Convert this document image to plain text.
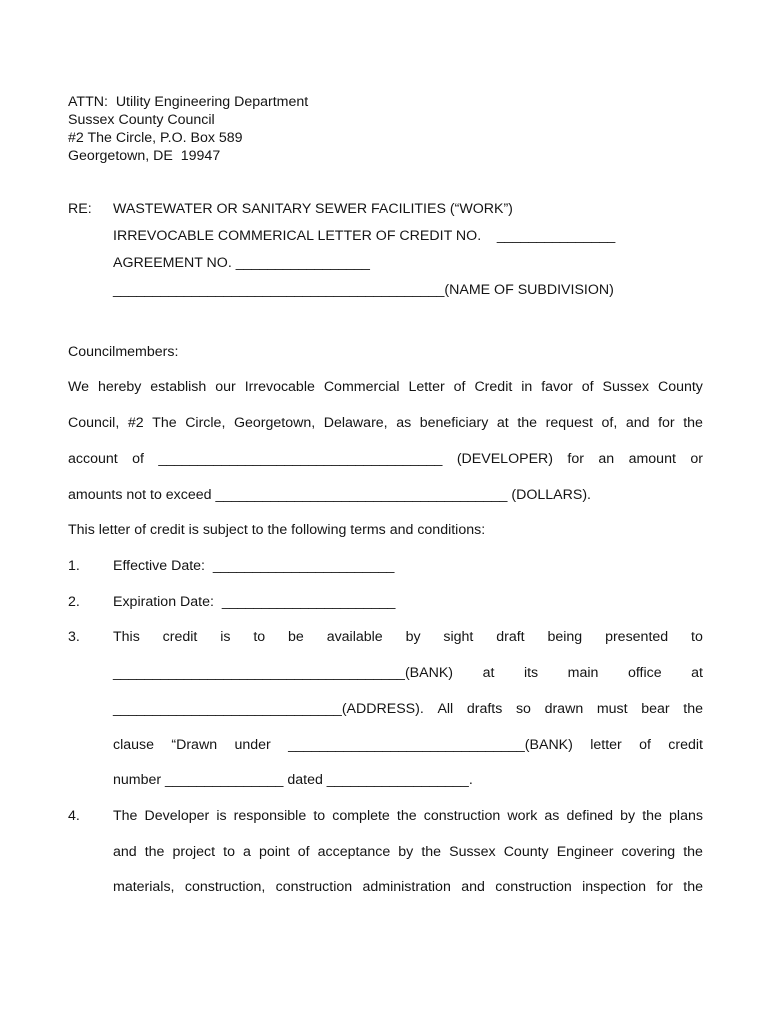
ATTN:  Utility Engineering Department
Sussex County Council
#2 The Circle, P.O. Box 589
Georgetown, DE  19947
RE: WASTEWATER OR SANITARY SEWER FACILITIES (“WORK”)
IRREVOCABLE COMMERICAL LETTER OF CREDIT NO.    _______________
AGREEMENT NO. _________________
__________________________________________(NAME OF SUBDIVISION)
Councilmembers:
We hereby establish our Irrevocable Commercial Letter of Credit in favor of Sussex County
Council, #2 The Circle, Georgetown, Delaware, as beneficiary at the request of, and for the
account of ____________________________________ (DEVELOPER) for an amount or
amounts not to exceed _____________________________________ (DOLLARS).
This letter of credit is subject to the following terms and conditions:
1. Effective Date:  _______________________
2. Expiration Date:  ______________________
3. This credit is to be available by sight draft being presented to
_____________________________________(BANK) at its main office at
_____________________________(ADDRESS). All drafts so drawn must bear the
clause “Drawn under ______________________________(BANK) letter of credit
number _______________ dated __________________.
4. The Developer is responsible to complete the construction work as defined by the plans
and the project to a point of acceptance by the Sussex County Engineer covering the
materials, construction, construction administration and construction inspection for the
